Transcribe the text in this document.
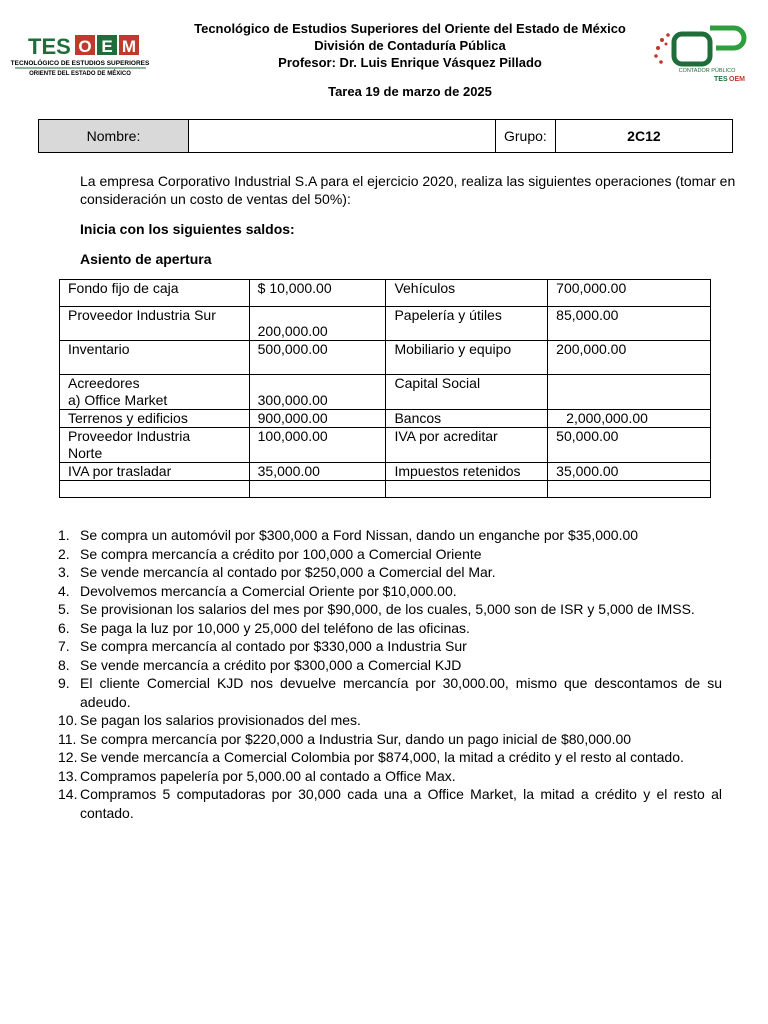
TES O E M
TECNOLÓGICO DE ESTUDIOS SUPERIORES
ORIENTE DEL ESTADO DE MÉXICO	CONTADOR PÚBLICO
TES OEM
Tecnológico de Estudios Superiores del Oriente del Estado de México
División de Contaduría Pública
Profesor: Dr. Luis Enrique Vásquez Pillado
Tarea 19 de marzo de 2025
Nombre:		Grupo:	2C12
La empresa Corporativo Industrial S.A para el ejercicio 2020, realiza las siguientes operaciones (tomar en consideración un costo de ventas del 50%):
Inicia con los siguientes saldos:
Asiento de apertura
Fondo fijo de caja	$ 10,000.00	Vehículos	700,000.00
Proveedor Industria Sur	200,000.00	Papelería y útiles	85,000.00
Inventario	500,000.00	Mobiliario y equipo	200,000.00

Acreedores
a) Office Market	300,000.00	Capital Social	
Terrenos y edificios	900,000.00	Bancos	2,000,000.00

Proveedor Industria
Norte	100,000.00	IVA por acreditar	50,000.00
IVA por trasladar	35,000.00	Impuestos retenidos	35,000.00

1. Se compra un automóvil por $300,000 a Ford Nissan, dando un enganche por $35,000.00
2. Se compra mercancía a crédito por 100,000 a Comercial Oriente
3. Se vende mercancía al contado por $250,000 a Comercial del Mar.
4. Devolvemos mercancía a Comercial Oriente por $10,000.00.
5. Se provisionan los salarios del mes por $90,000, de los cuales, 5,000 son de ISR y 5,000 de IMSS.
6. Se paga la luz por 10,000 y 25,000 del teléfono de las oficinas.
7. Se compra mercancía al contado por $330,000 a Industria Sur
8. Se vende mercancía a crédito por $300,000 a Comercial KJD
9. El cliente Comercial KJD nos devuelve mercancía por 30,000.00, mismo que descontamos de su adeudo.
10. Se pagan los salarios provisionados del mes.
11. Se compra mercancía por $220,000 a Industria Sur, dando un pago inicial de $80,000.00
12. Se vende mercancía a Comercial Colombia por $874,000, la mitad a crédito y el resto al contado.
13. Compramos papelería por 5,000.00 al contado a Office Max.
14. Compramos 5 computadoras por 30,000 cada una a Office Market, la mitad a crédito y el resto al contado.
